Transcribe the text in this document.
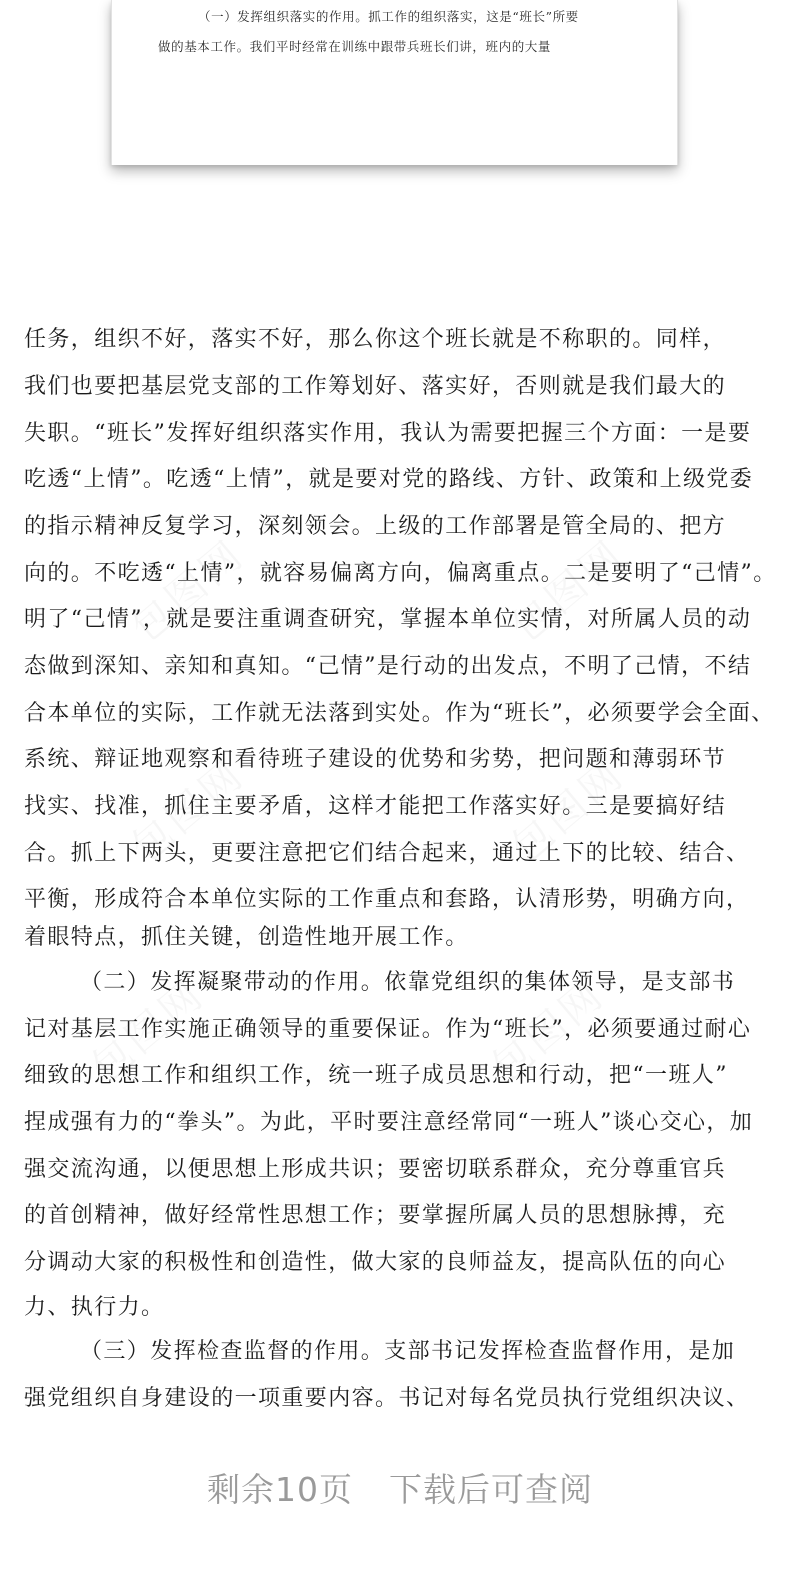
（一）发挥组织落实的作用。抓工作的组织落实，这是“班长”所要
做的基本工作。我们平时经常在训练中跟带兵班长们讲，班内的大量
任务，组织不好，落实不好，那么你这个班长就是不称职的。同样，
我们也要把基层党支部的工作筹划好、落实好，否则就是我们最大的
失职。“班长”发挥好组织落实作用，我认为需要把握三个方面：一是要
吃透“上情”。吃透“上情”，就是要对党的路线、方针、政策和上级党委
的指示精神反复学习，深刻领会。上级的工作部署是管全局的、把方
向的。不吃透“上情”，就容易偏离方向，偏离重点。二是要明了“己情”。
明了“己情”，就是要注重调查研究，掌握本单位实情，对所属人员的动
态做到深知、亲知和真知。“己情”是行动的出发点，不明了己情，不结
合本单位的实际，工作就无法落到实处。作为“班长”，必须要学会全面、
系统、辩证地观察和看待班子建设的优势和劣势，把问题和薄弱环节
找实、找准，抓住主要矛盾，这样才能把工作落实好。三是要搞好结
合。抓上下两头，更要注意把它们结合起来，通过上下的比较、结合、
平衡，形成符合本单位实际的工作重点和套路，认清形势，明确方向，
着眼特点，抓住关键，创造性地开展工作。
（二）发挥凝聚带动的作用。依靠党组织的集体领导，是支部书
记对基层工作实施正确领导的重要保证。作为“班长”，必须要通过耐心
细致的思想工作和组织工作，统一班子成员思想和行动，把“一班人”
捏成强有力的“拳头”。为此，平时要注意经常同“一班人”谈心交心，加
强交流沟通，以便思想上形成共识；要密切联系群众，充分尊重官兵
的首创精神，做好经常性思想工作；要掌握所属人员的思想脉搏，充
分调动大家的积极性和创造性，做大家的良师益友，提高队伍的向心
力、执行力。
（三）发挥检查监督的作用。支部书记发挥检查监督作用，是加
强党组织自身建设的一项重要内容。书记对每名党员执行党组织决议、
剩余10页 下载后可查阅
